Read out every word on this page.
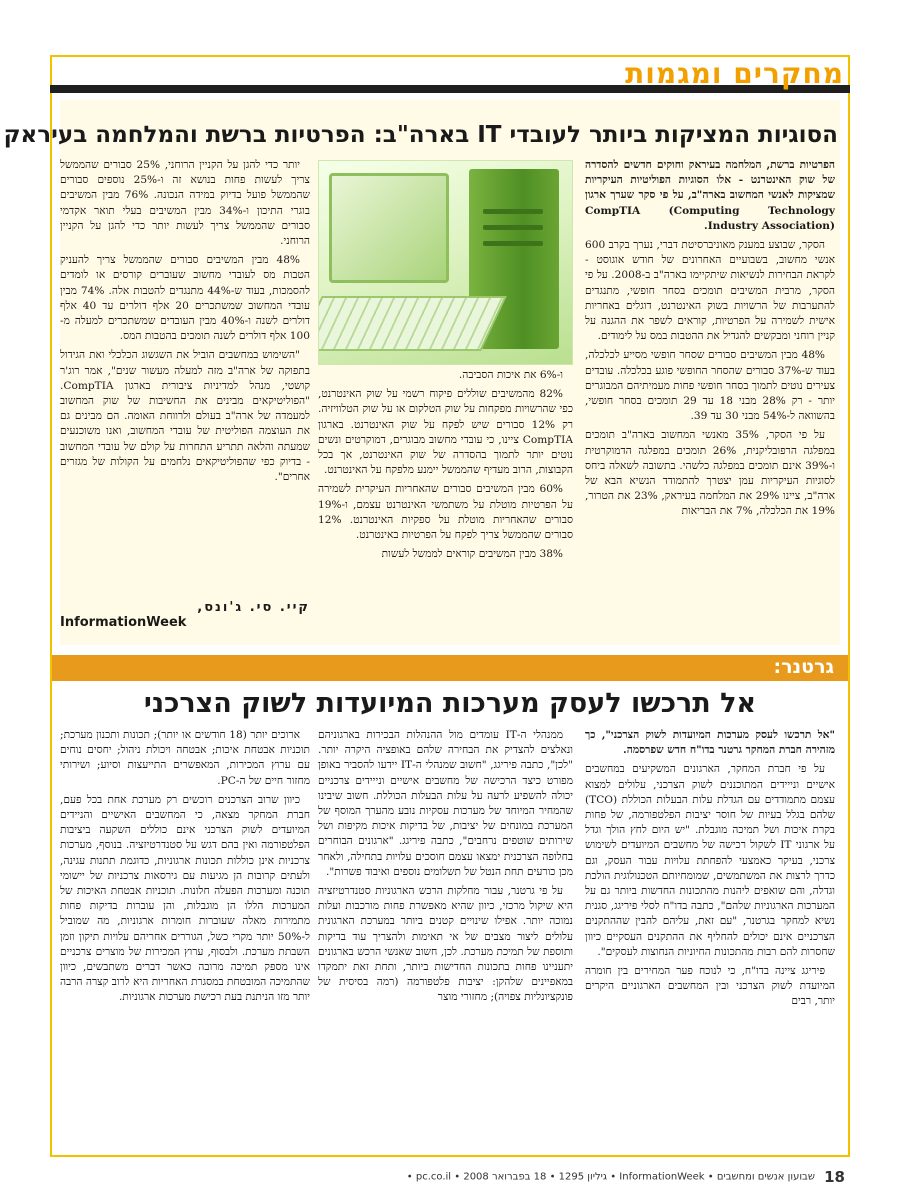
מחקרים ומגמות
הסוגיות המציקות ביותר לעובדי IT בארה"ב: הפרטיות ברשת והמלחמה בעיראק

הפרטיות ברשת, המלחמה בעיראק וחוקים חדשים להסדרה של שוק האינטרנט - אלו הסוגיות הפוליטיות העיקריות שמציקות לאנשי המחשוב בארה"ב, על פי סקר שערך ארגון CompTIA (Computing Technology Industry Association).

הסקר, שבוצע במענק מאוניברסיטת דברי, נערך בקרב 600 אנשי מחשוב, בשבועיים האחרונים של חודש אוגוסט - לקראת הבחירות לנשיאות שיתקיימו בארה"ב ב-2008. על פי הסקר, מרבית המשיבים תומכים בסחר חופשי, מתנגדים להתערבות של הרשויות בשוק האינטרנט, דוגלים באחריות אישית לשמירה על הפרטיות, קוראים לשפר את ההגנה על קניין רוחני ומבקשים להגדיל את ההטבות במס על לימודים.

48% מבין המשיבים סבורים שסחר חופשי מסייע לכלכלה, בעוד ש-37% סבורים שהסחר החופשי פוגע בכלכלה. עובדים צעירים נוטים לתמוך בסחר חופשי פחות מעמיתיהם המבוגרים יותר - רק 28% מבני 18 עד 29 תומכים בסחר חופשי, בהשוואה ל-54% מבני 30 עד 39.

על פי הסקר, 35% מאנשי המחשוב בארה"ב תומכים במפלגה הרפובליקנית, 26% תומכים במפלגה הדמוקרטית ו-39% אינם תומכים במפלגה כלשהי. בתשובה לשאלה ביחס לסוגיות העיקריות עמן יצטרך להתמודד הנשיא הבא של ארה"ב, ציינו 29% את המלחמה בעיראק, 23% את הטרור, 19% את הכלכלה, 7% את הבריאות

ו-6% את איכות הסביבה.

82% מהמשיבים שוללים פיקוח רשמי על שוק האינטרנט, כפי שהרשויות מפקחות על שוק הטלקום או על שוק הטלוויזיה. רק 12% סבורים שיש לפקח על שוק האינטרנט. בארגון CompTIA ציינו, כי עובדי מחשוב מבוגרים, דמוקרטים ונשים נוטים יותר לתמוך בהסדרה של שוק האינטרנט, אך בכל הקבוצות, הרוב מעדיף שהממשל יימנע מלפקח על האינטרנט.

60% מבין המשיבים סבורים שהאחריות העיקרית לשמירה על הפרטיות מוטלת על משתמשי האינטרנט עצמם, ו-19% סבורים שהאחריות מוטלת על ספקיות האינטרנט. 12% סבורים שהממשל צריך לפקח על הפרטיות באינטרנט.

38% מבין המשיבים קוראים לממשל לעשות

יותר כדי להגן על הקניין הרוחני, 25% סבורים שהממשל צריך לעשות פחות בנושא זה ו-25% נוספים סבורים שהממשל פועל בדיוק במידה הנכונה. 76% מבין המשיבים בוגרי התיכון ו-34% מבין המשיבים בעלי תואר אקדמי סבורים שהממשל צריך לעשות יותר כדי להגן על הקניין הרוחני.

48% מבין המשיבים סבורים שהממשל צריך להעניק הטבות מס לעובדי מחשוב שעוברים קורסים או לומדים להסמכות, בעוד ש-44% מתנגדים להטבות אלה. 74% מבין עובדי המחשוב שמשתכרים 20 אלף דולרים עד 40 אלף דולרים לשנה ו-40% מבין העובדים שמשתכרים למעלה מ- 100 אלף דולרים לשנה תומכים בהטבות המס.

"השימוש במחשבים הוביל את השגשוג הכלכלי ואת הגידול בתפוקה של ארה"ב מזה למעלה מעשור שנים", אמר רוג'ר קושטי, מנהל למדיניות ציבורית בארגון CompTIA. "הפוליטיקאים מבינים את החשיבות של שוק המחשוב למעמדה של ארה"ב בעולם ולרווחת האומה. הם מבינים גם את העוצמה הפוליטית של עובדי המחשוב, ואנו משוכנעים שמעתה והלאה תתריע התחרות על קולם של עובדי המחשוב - בדיוק כפי שהפוליטיקאים נלחמים על הקולות של מגזרים אחרים".

קיי. סי. ג'ונס,
InformationWeek
גרטנר:
אל תרכשו לעסק מערכות המיועדות לשוק הצרכני

"אל תרכשו לעסק מערכות המיועדות לשוק הצרכני", כך מזהירה חברת המחקר גרטנר בדו"ח חדש שפרסמה.

על פי חברת המחקר, הארגונים המשקיעים במחשבים אישיים ונייידים המתוכננים לשוק הצרכני, עלולים למצוא עצמם מתמודדים עם הגדלת עלות הבעלות הכוללת (TCO) שלהם בגלל בעיות של חוסר יציבות הפלטפורמה, של פחות בקרת איכות ושל תמיכה מוגבלת. "יש היום לחץ הולך וגדל על ארגוני IT לשקול רכישה של מחשבים המיועדים לשימוש צרכני, בעיקר כאמצעי להפחתת עלויות עבור העסק, וגם כדרך לרצות את המשתמשים, שמומחיותם הטכנולוגית הולכת וגדלה, והם שואפים ליהנות מהתכונות החדשות ביותר גם על המערכות הארגוניות שלהם", כתבה בדו"ח לסלי פיריגג, סגנית נשיא למחקר בגרטנר, "עם זאת, עליהם להבין שההתקנים הצרכניים אינם יכולים להחליף את ההתקנים העסקיים כיוון שחסרות להם רבות מהתכונות החיוניות הנחוצות לעסקים".

פיריגג ציינה בדו"ח, כי לנוכח פער המחירים בין חומרה המיועדת לשוק הצרכני ובין המחשבים הארגוניים היקרים יותר, רבים

ממנהלי ה-IT עומדים מול ההנהלות הבכירות בארגוניהם ונאלצים להצדיק את הבחירה שלהם באופציה היקרה יותר. "לכן", כתבה פיריגג, "חשוב שמנהלי ה-IT יידעו להסביר באופן מפורט כיצד הרכישה של מחשבים אישיים ונייידים צרכניים יכולה להשפיע לרעה על עלות הבעלות הכוללת. חשוב שיבינו שהמחיר המיוחד של מערכות עסקיות נובע מהערך המוסף של המערכת במונחים של יציבות, של בדיקות איכות מקיפות ושל שירותים שוטפים נרחבים", כתבה פיריגג. "ארגונים הבוחרים בחלופה הצרכנית ימצאו עצמם חוסכים עלויות בתחילה, ולאחר מכן כורעים תחת הנטל של תשלומים נוספים ואיבוד פשרות".

על פי גרטנר, עבור מחלקות הרכש הארגוניות סטנדרטיזציה היא שיקול מרכזי, כיוון שהיא מאפשרת פחות מורכבות ועלות נמוכה יותר. אפילו שינויים קטנים ביותר במערכת הארגונית עלולים ליצור מצבים של אי תאימות ולהצריך עוד בדיקות ותוספת של תמיכת מערכת. לכן, חשוב שאנשי הרכש בארגונים יתעניינו פחות בתכונות החדישות ביותר, ותחת זאת יתמקדו במאפיינים שלהקן: יציבות פלטפורמה (רמה בסיסית של פונקציונליות צפויה); מחזורי מוצר

ארוכים יותר (18 חודשים או יותר); תכונות ותכנון מערכת; תוכניות אבטחת איכות; אבטחה ויכולת ניהול; יחסים נוחים עם ערוץ המכירות, המאפשרים התייעצות וסיוע; ושירותי מחזור חיים של ה-PC.

כיוון שרוב הצרכנים רוכשים רק מערכת אחת בכל פעם, חברת המחקר מצאה, כי המחשבים האישיים והניידים המיועדים לשוק הצרכני אינם כוללים השקעה ביציבות הפלטפורמה ואין בהם דגש על סטנדרטיזציה. בנוסף, מערכות צרכניות אינן כוללות תכונות ארגוניות, כדוגמת תתנות עגינה, ולעתים קרובות הן מגיעות עם גירסאות צרכניות של יישומי תוכנה ומערכות הפעלה חלונות. תוכניות אבטחת האיכות של המערכות הללו הן מוגבלות, והן עוברות בדיקות פחות מתמירות מאלה שעוברות חומרות ארגוניות, מה שמוביל ל-50% יותר מקרי כשל, הגוררים אחריהם עלויות תיקון וזמן השבתת מערכת. ולבסוף, ערוץ המכירות של מוצרים צרכניים אינו מספק תמיכה מרובה כאשר דברים משתבשים, כיוון שהתמיכה המובטחת במסגרת האחריות היא לרוב קצרה הרבה יותר מזו הניתנת בעת רכישת מערכות ארגוניות.

18 שבועון אנשים ומחשבים • InformationWeek • גיליון 1295 • 18 בפברואר 2008 • pc.co.il •
